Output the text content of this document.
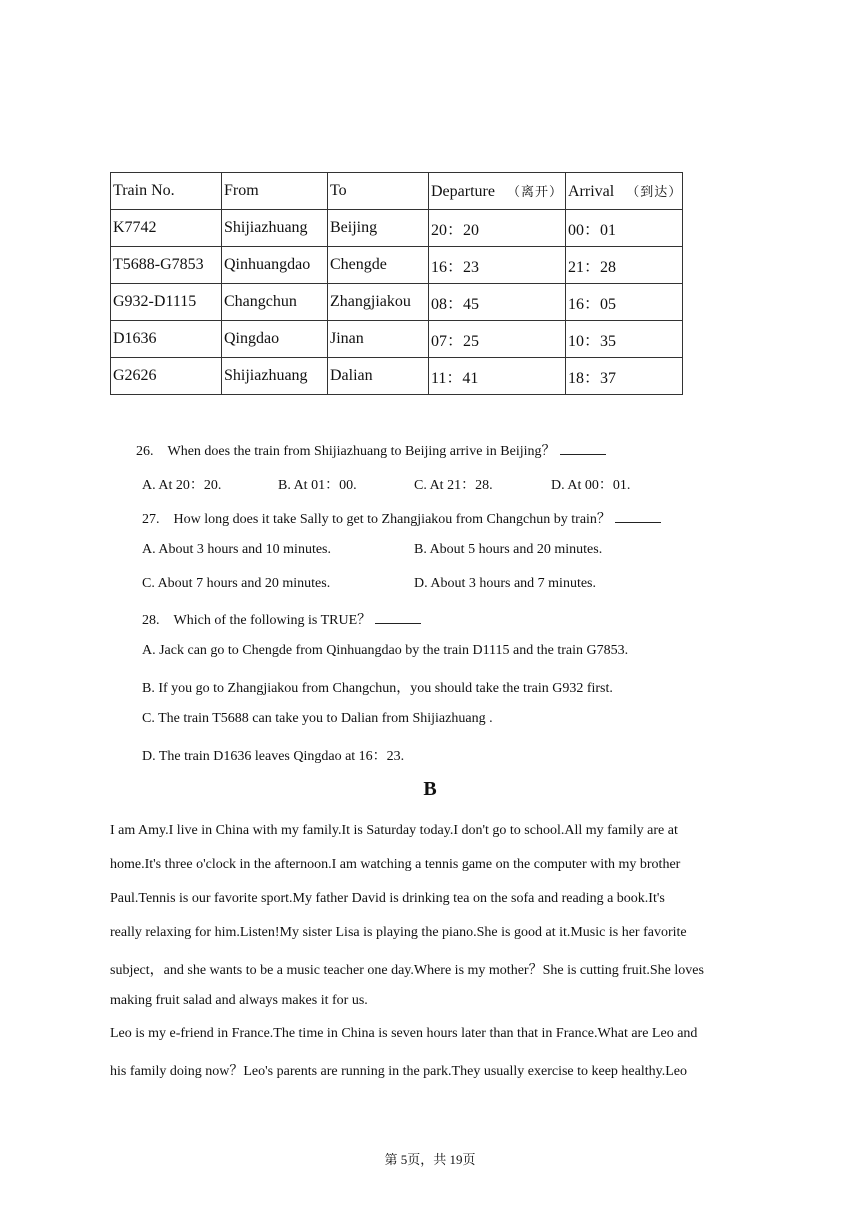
Train No.	From	To	Departure （离开）	Arrival （到达）
K7742	Shijiazhuang	Beijing	20：20	00：01
T5688-G7853	Qinhuangdao	Chengde	16：23	21：28
G932-D1115	Changchun	Zhangjiakou	08：45	16：05
D1636	Qingdao	Jinan	07：25	10：35
G2626	Shijiazhuang	Dalian	11：41	18：37
26.　When does the train from Shijiazhuang to Beijing arrive in Beijing？
A. At 20：20.	B. At 01：00.	C. At 21：28.	D. At 00：01.
27.　How long does it take Sally to get to Zhangjiakou from Changchun by train？
A. About 3 hours and 10 minutes.	B. About 5 hours and 20 minutes.
C. About 7 hours and 20 minutes.	D. About 3 hours and 7 minutes.
28.　Which of the following is TRUE？
A. Jack can go to Chengde from Qinhuangdao by the train D1115 and the train G7853.
B. If you go to Zhangjiakou from Changchun，you should take the train G932 first.
C. The train T5688 can take you to Dalian from Shijiazhuang .
D. The train D1636 leaves Qingdao at 16：23.
B
I am Amy.I live in China with my family.It is Saturday today.I don't go to school.All my family are at
home.It's three o'clock in the afternoon.I am watching a tennis game on the computer with my brother
Paul.Tennis is our favorite sport.My father David is drinking tea on the sofa and reading a book.It's
really relaxing for him.Listen!My sister Lisa is playing the piano.She is good at it.Music is her favorite
subject，and she wants to be a music teacher one day.Where is my mother？She is cutting fruit.She loves
making fruit salad and always makes it for us.
Leo is my e-friend in France.The time in China is seven hours later than that in France.What are Leo and
his family doing now？Leo's parents are running in the park.They usually exercise to keep healthy.Leo
第 5页，共 19页
